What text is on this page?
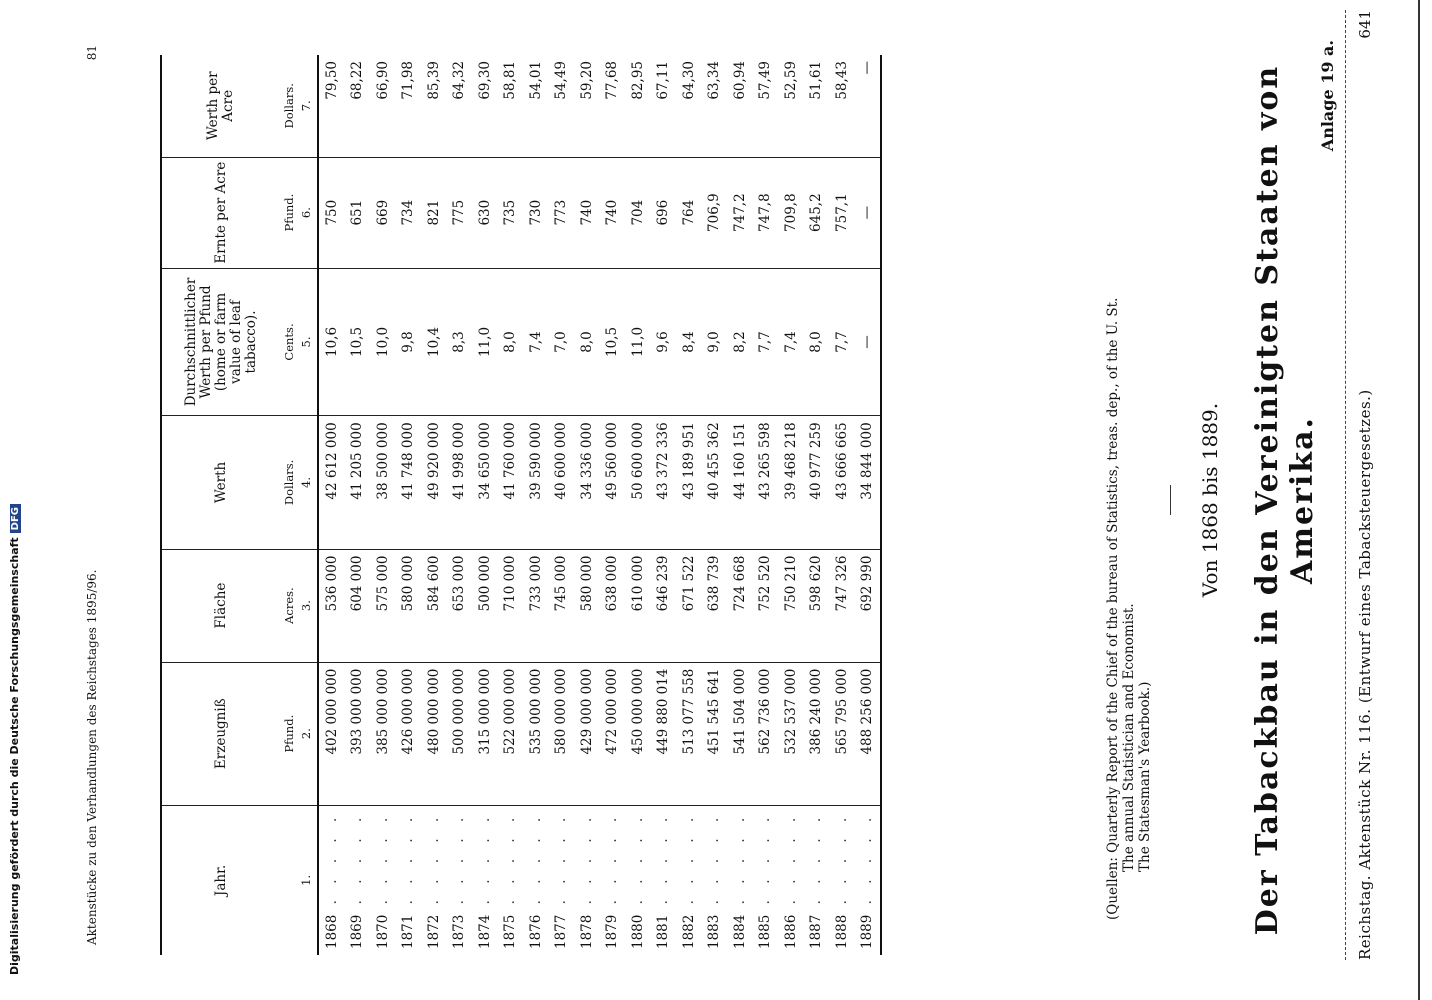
Reichstag. Aktenstück Nr. 116. (Entwurf eines Tabacksteuergesetzes.)
641
Anlage 19 a.
Der Tabackbau in den Vereinigten Staaten von Amerika.
Von 1868 bis 1889.
(Quellen: Quarterly Report of the Chief of the bureau of Statistics, treas. dep., of the U. St. The annual Statistician and Economist. The Statesman's Yearbook.)
Jahr.	Erzeugniß	Fläche	Werth	Durchschnittlicher Werth per Pfund (home or farm value of leaf tabacco).	Ernte per Acre	Werth per Acre
	Pfund.	Acres.	Dollars.	Cents.	Pfund.	Dollars.
1.	2.	3.	4.	5.	6.	7.
1868 . . . . .	402 000 000	536 000	42 612 000	10,6	750	79,50
1869 . . . . .	393 000 000	604 000	41 205 000	10,5	651	68,22
1870 . . . . .	385 000 000	575 000	38 500 000	10,0	669	66,90
1871 . . . . .	426 000 000	580 000	41 748 000	9,8	734	71,98
1872 . . . . .	480 000 000	584 600	49 920 000	10,4	821	85,39
1873 . . . . .	500 000 000	653 000	41 998 000	8,3	775	64,32
1874 . . . . .	315 000 000	500 000	34 650 000	11,0	630	69,30
1875 . . . . .	522 000 000	710 000	41 760 000	8,0	735	58,81
1876 . . . . .	535 000 000	733 000	39 590 000	7,4	730	54,01
1877 . . . . .	580 000 000	745 000	40 600 000	7,0	773	54,49
1878 . . . . .	429 000 000	580 000	34 336 000	8,0	740	59,20
1879 . . . . .	472 000 000	638 000	49 560 000	10,5	740	77,68
1880 . . . . .	450 000 000	610 000	50 600 000	11,0	704	82,95
1881 . . . . .	449 880 014	646 239	43 372 336	9,6	696	67,11
1882 . . . . .	513 077 558	671 522	43 189 951	8,4	764	64,30
1883 . . . . .	451 545 641	638 739	40 455 362	9,0	706,9	63,34
1884 . . . . .	541 504 000	724 668	44 160 151	8,2	747,2	60,94
1885 . . . . .	562 736 000	752 520	43 265 598	7,7	747,8	57,49
1886 . . . . .	532 537 000	750 210	39 468 218	7,4	709,8	52,59
1887 . . . . .	386 240 000	598 620	40 977 259	8,0	645,2	51,61
1888 . . . . .	565 795 000	747 326	43 666 665	7,7	757,1	58,43
1889 . . . . .	488 256 000	692 990	34 844 000	—	—	—
Aktenstücke zu den Verhandlungen des Reichstages 1895/96.
81
Digitalisierung gefördert durch die Deutsche ForschungsgemeinschaftDFG
